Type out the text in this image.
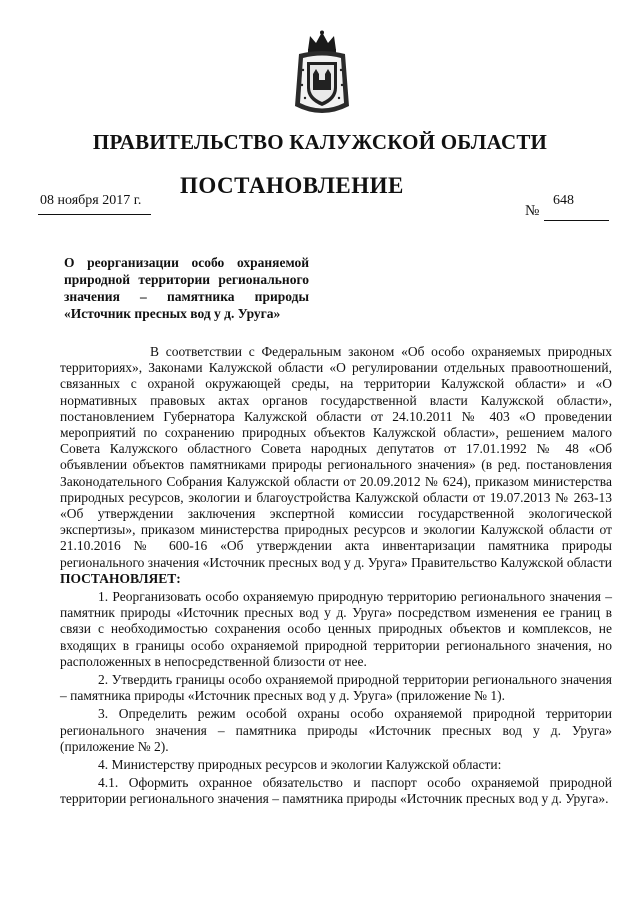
ПРАВИТЕЛЬСТВО КАЛУЖСКОЙ ОБЛАСТИ
ПОСТАНОВЛЕНИЕ
08 ноября 2017 г.	648
№
О реорганизации особо охраняемой природной территории регионального значения – памятника природы «Источник пресных вод у д. Уруга»

В соответствии с Федеральным законом «Об особо охраняемых природных территориях», Законами Калужской области «О регулировании отдельных правоотношений, связанных с охраной окружающей среды, на территории Калужской области» и «О нормативных правовых актах органов государственной власти Калужской области», постановлением Губернатора Калужской области от 24.10.2011 № 403 «О проведении мероприятий по сохранению природных объектов Калужской области», решением малого Совета Калужского областного Совета народных депутатов от 17.01.1992 № 48 «Об объявлении объектов памятниками природы регионального значения» (в ред. постановления Законодательного Собрания Калужской области от 20.09.2012 № 624), приказом министерства природных ресурсов, экологии и благоустройства Калужской области от 19.07.2013 № 263-13 «Об утверждении заключения экспертной комиссии государственной экологической экспертизы», приказом министерства природных ресурсов и экологии Калужской области от 21.10.2016 № 600-16 «Об утверждении акта инвентаризации памятника природы регионального значения «Источник пресных вод у д. Уруга» Правительство Калужской области ПОСТАНОВЛЯЕТ:

1. Реорганизовать особо охраняемую природную территорию регионального значения – памятник природы «Источник пресных вод у д. Уруга» посредством изменения ее границ в связи с необходимостью сохранения особо ценных природных объектов и комплексов, не входящих в границы особо охраняемой природной территории регионального значения, но расположенных в непосредственной близости от нее.

2. Утвердить границы особо охраняемой природной территории регионального значения – памятника природы «Источник пресных вод у д. Уруга» (приложение № 1).

3. Определить режим особой охраны особо охраняемой природной территории регионального значения – памятника природы «Источник пресных вод у д. Уруга» (приложение № 2).

4. Министерству природных ресурсов и экологии Калужской области:

4.1. Оформить охранное обязательство и паспорт особо охраняемой природной территории регионального значения – памятника природы «Источник пресных вод у д. Уруга».
